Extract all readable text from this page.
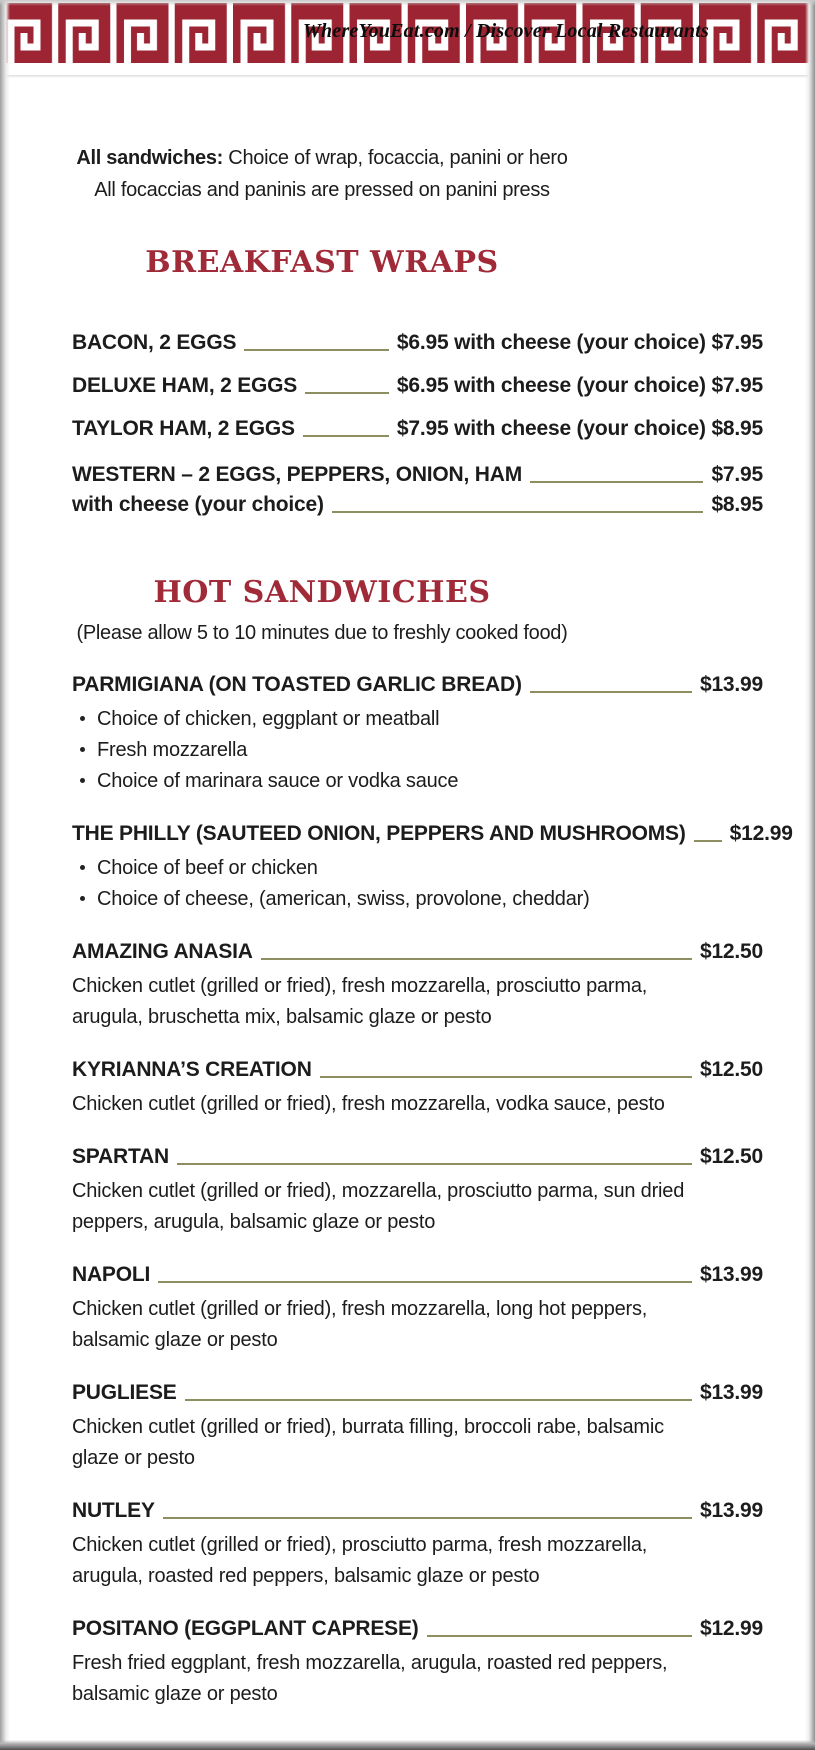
WhereYouEat.com / Discover Local Restaurants

All sandwiches: Choice of wrap, focaccia, panini or hero
All focaccias and paninis are pressed on panini press

BREAKFAST WRAPS
BACON, 2 EGGS	$6.95 with cheese (your choice) $7.95
DELUXE HAM, 2 EGGS	$6.95 with cheese (your choice) $7.95
TAYLOR HAM, 2 EGGS	$7.95 with cheese (your choice) $8.95
WESTERN – 2 EGGS, PEPPERS, ONION, HAM	$7.95
with cheese (your choice)	$8.95
HOT SANDWICHES

(Please allow 5 to 10 minutes due to freshly cooked food)

PARMIGIANA (ON TOASTED GARLIC BREAD)	$13.99
Choice of chicken, eggplant or meatball
Fresh mozzarella
Choice of marinara sauce or vodka sauce
THE PHILLY (SAUTEED ONION, PEPPERS AND MUSHROOMS) $12.99
Choice of beef or chicken
Choice of cheese, (american, swiss, provolone, cheddar)
AMAZING ANASIA	$12.50
Chicken cutlet (grilled or fried), fresh mozzarella, prosciutto parma,
arugula, bruschetta mix, balsamic glaze or pesto
KYRIANNA’S CREATION	$12.50
Chicken cutlet (grilled or fried), fresh mozzarella, vodka sauce, pesto
SPARTAN	$12.50
Chicken cutlet (grilled or fried), mozzarella, prosciutto parma, sun dried
peppers, arugula, balsamic glaze or pesto
NAPOLI	$13.99
Chicken cutlet (grilled or fried), fresh mozzarella, long hot peppers,
balsamic glaze or pesto
PUGLIESE	$13.99
Chicken cutlet (grilled or fried), burrata filling, broccoli rabe, balsamic
glaze or pesto
NUTLEY	$13.99
Chicken cutlet (grilled or fried), prosciutto parma, fresh mozzarella,
arugula, roasted red peppers, balsamic glaze or pesto
POSITANO (EGGPLANT CAPRESE)	$12.99
Fresh fried eggplant, fresh mozzarella, arugula, roasted red peppers,
balsamic glaze or pesto
